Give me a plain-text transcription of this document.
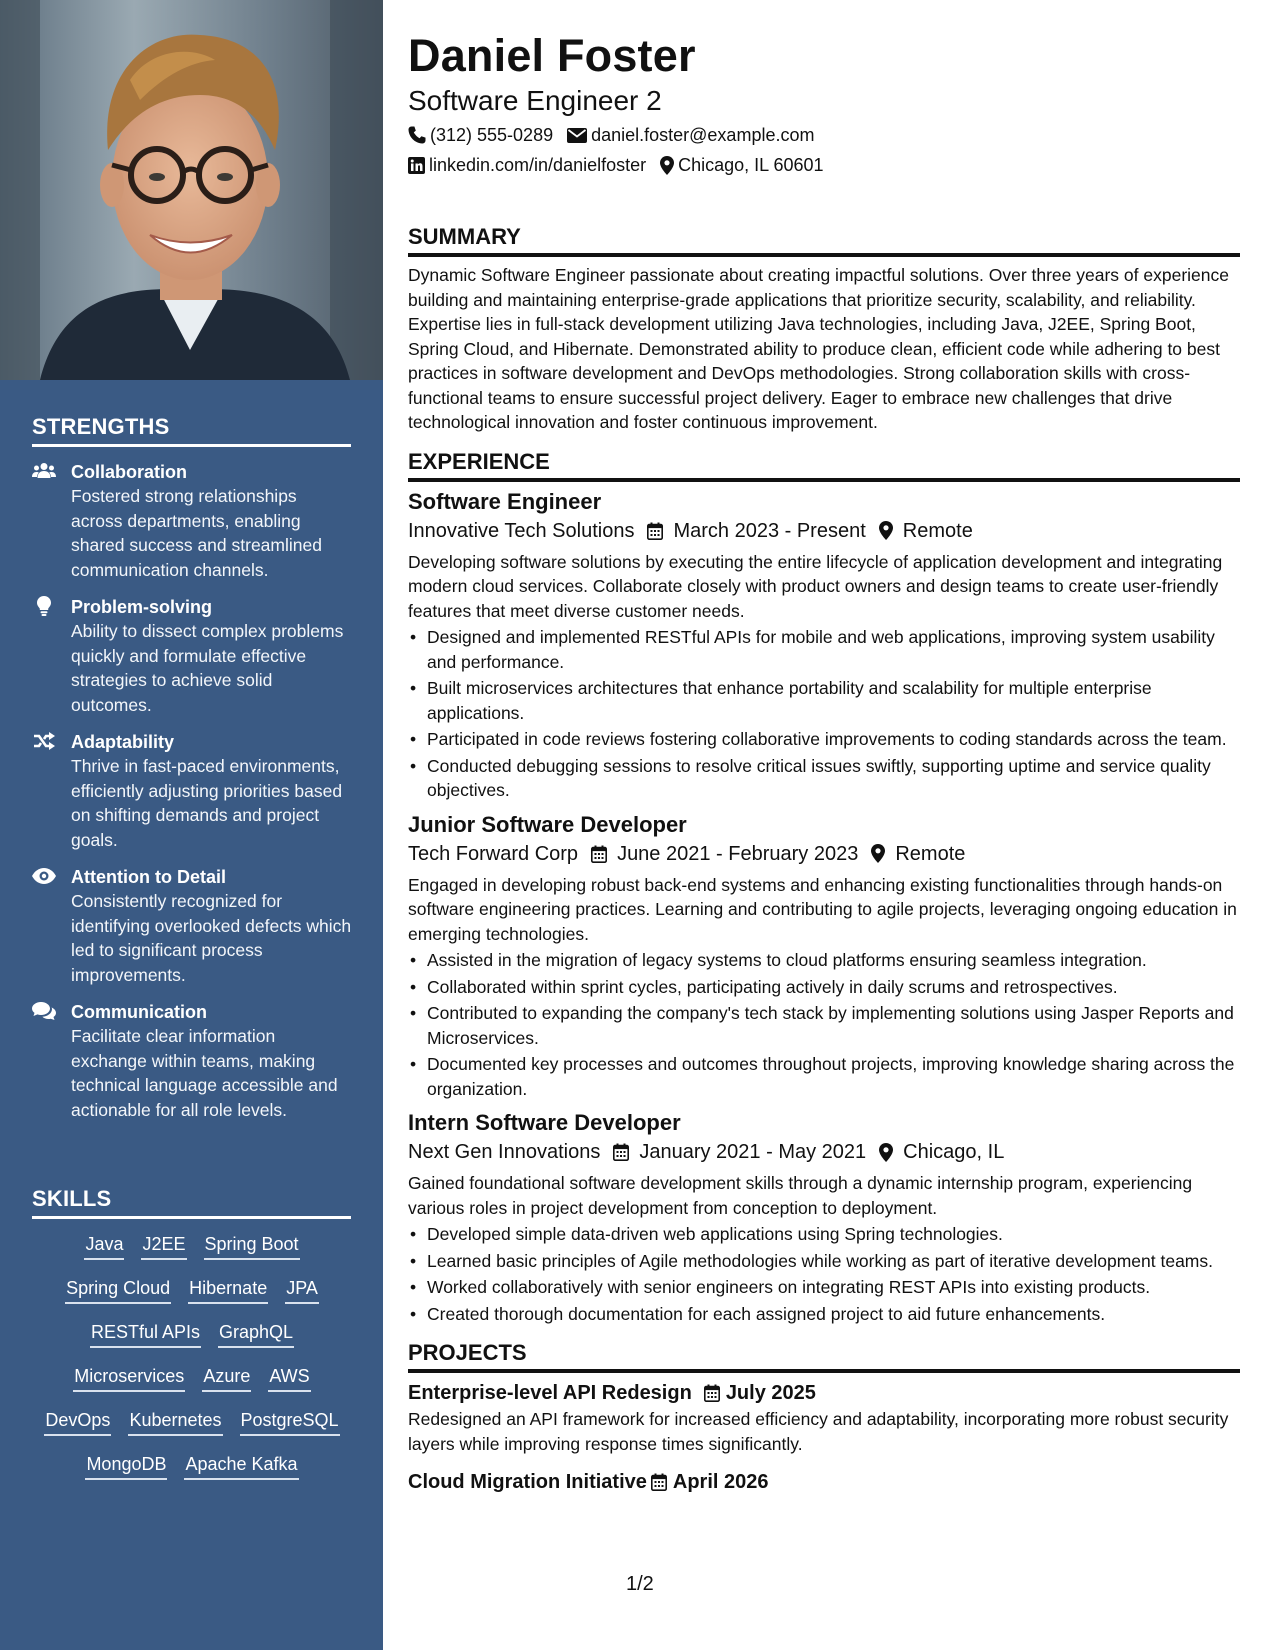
STRENGTHS
Collaboration
Fostered strong relationships across departments, enabling shared success and streamlined communication channels.
Problem-solving
Ability to dissect complex problems quickly and formulate effective strategies to achieve solid outcomes.
Adaptability
Thrive in fast-paced environments, efficiently adjusting priorities based on shifting demands and project goals.
Attention to Detail
Consistently recognized for identifying overlooked defects which led to significant process improvements.
Communication
Facilitate clear information exchange within teams, making technical language accessible and actionable for all role levels.
SKILLS
Java J2EE Spring Boot
Spring Cloud Hibernate JPA
RESTful APIs GraphQL
Microservices Azure AWS
DevOps Kubernetes PostgreSQL
MongoDB Apache Kafka
Daniel Foster
Software Engineer 2
(312) 555-0289 daniel.foster@example.com
linkedin.com/in/danielfoster Chicago, IL 60601
SUMMARY
Dynamic Software Engineer passionate about creating impactful solutions. Over three years of experience building and maintaining enterprise-grade applications that prioritize security, scalability, and reliability. Expertise lies in full-stack development utilizing Java technologies, including Java, J2EE, Spring Boot, Spring Cloud, and Hibernate. Demonstrated ability to produce clean, efficient code while adhering to best practices in software development and DevOps methodologies. Strong collaboration skills with cross-functional teams to ensure successful project delivery. Eager to embrace new challenges that drive technological innovation and foster continuous improvement.
EXPERIENCE
Software Engineer
Innovative Tech Solutions March 2023 - Present Remote
Developing software solutions by executing the entire lifecycle of application development and integrating modern cloud services. Collaborate closely with product owners and design teams to create user-friendly features that meet diverse customer needs.
• Designed and implemented RESTful APIs for mobile and web applications, improving system usability and performance.
• Built microservices architectures that enhance portability and scalability for multiple enterprise applications.
• Participated in code reviews fostering collaborative improvements to coding standards across the team.
• Conducted debugging sessions to resolve critical issues swiftly, supporting uptime and service quality objectives.
Junior Software Developer
Tech Forward Corp June 2021 - February 2023 Remote
Engaged in developing robust back-end systems and enhancing existing functionalities through hands-on software engineering practices. Learning and contributing to agile projects, leveraging ongoing education in emerging technologies.
• Assisted in the migration of legacy systems to cloud platforms ensuring seamless integration.
• Collaborated within sprint cycles, participating actively in daily scrums and retrospectives.
• Contributed to expanding the company's tech stack by implementing solutions using Jasper Reports and Microservices.
• Documented key processes and outcomes throughout projects, improving knowledge sharing across the organization.
Intern Software Developer
Next Gen Innovations January 2021 - May 2021 Chicago, IL
Gained foundational software development skills through a dynamic internship program, experiencing various roles in project development from conception to deployment.
• Developed simple data-driven web applications using Spring technologies.
• Learned basic principles of Agile methodologies while working as part of iterative development teams.
• Worked collaboratively with senior engineers on integrating REST APIs into existing products.
• Created thorough documentation for each assigned project to aid future enhancements.
PROJECTS
Enterprise-level API Redesign July 2025
Redesigned an API framework for increased efficiency and adaptability, incorporating more robust security layers while improving response times significantly.
Cloud Migration Initiative April 2026
1/2
